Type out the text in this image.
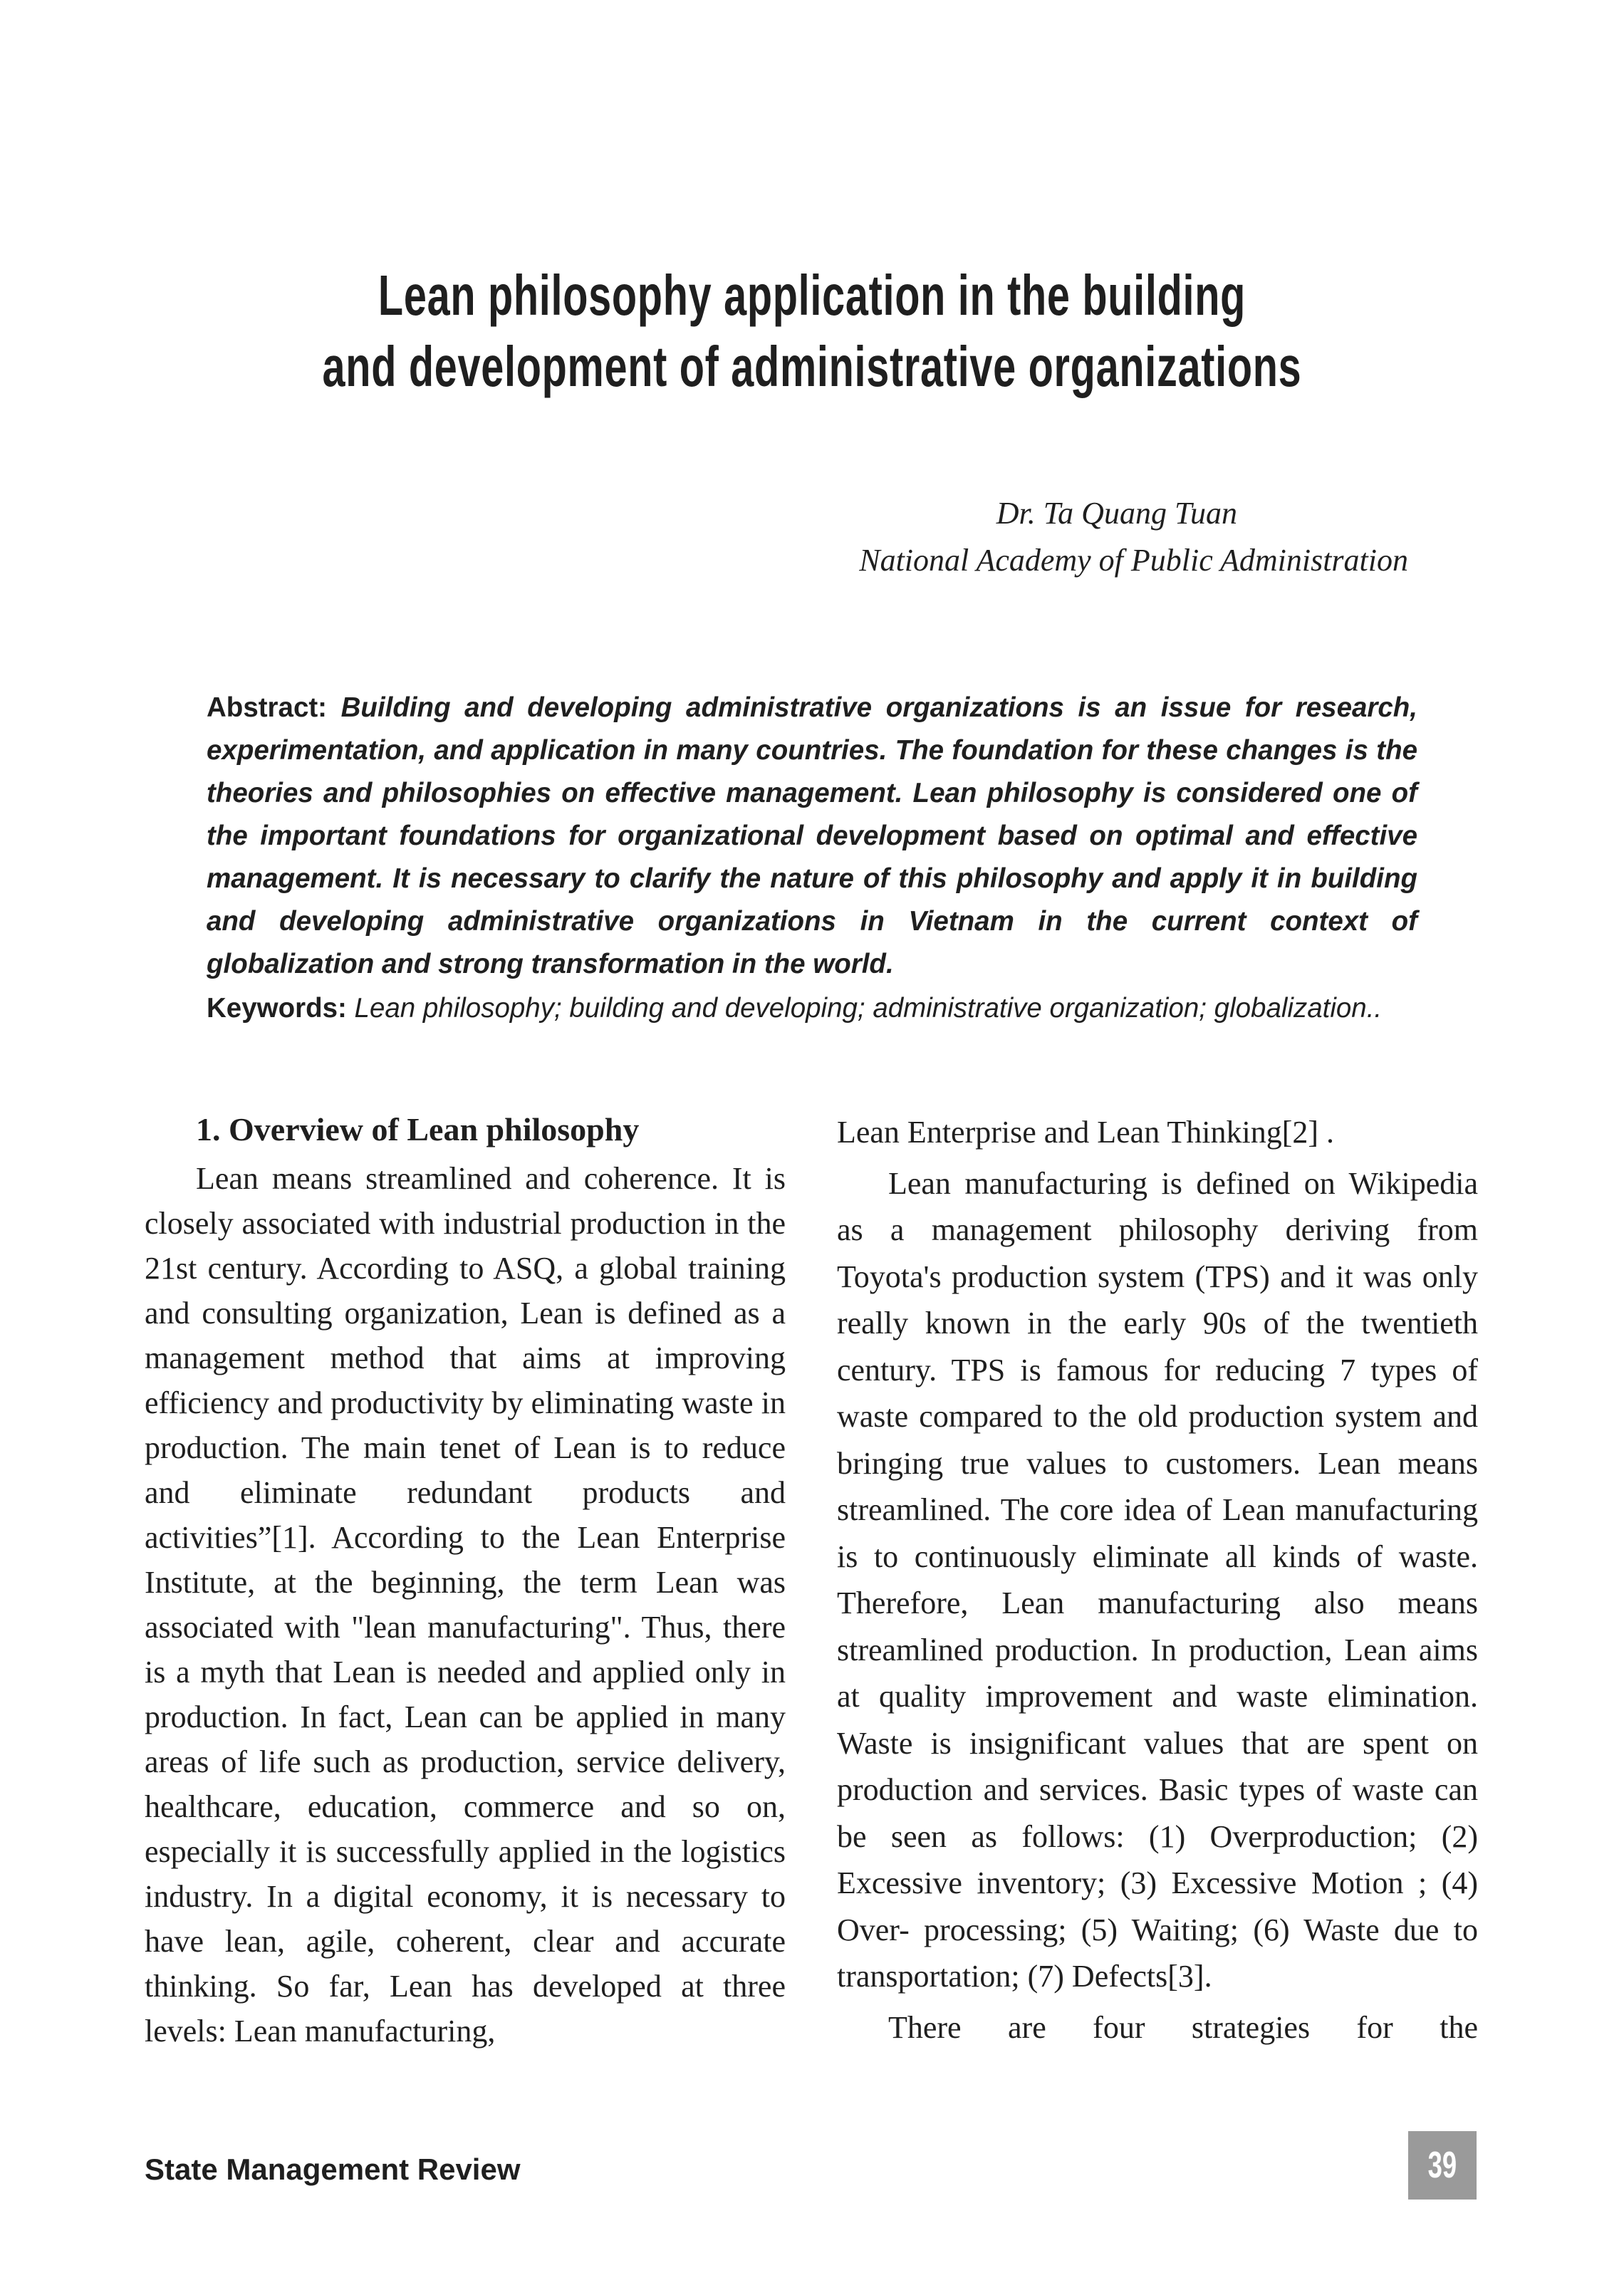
Lean philosophy application in the building
and development of administrative organizations
Dr. Ta Quang Tuan
National Academy of Public Administration

Abstract: Building and developing administrative organizations is an issue for research, experimentation, and application in many countries. The foundation for these changes is the theories and philosophies on effective management. Lean philosophy is considered one of the important foundations for organizational development based on optimal and effective management. It is necessary to clarify the nature of this philosophy and apply it in building and developing administrative organizations in Vietnam in the current context of globalization and strong transformation in the world.

Keywords: Lean philosophy; building and developing; administrative organization; globalization..

1. Overview of Lean philosophy

Lean means streamlined and coherence. It is closely associated with industrial production in the 21st century. According to ASQ, a global training and consulting organization, Lean is defined as a management method that aims at improving efficiency and productivity by eliminating waste in production. The main tenet of Lean is to reduce and eliminate redundant products and activities”[1]. According to the Lean Enterprise Institute, at the beginning, the term Lean was associated with "lean manufacturing". Thus, there is a myth that Lean is needed and applied only in production. In fact, Lean can be applied in many areas of life such as production, service delivery, healthcare, education, commerce and so on, especially it is successfully applied in the logistics industry. In a digital economy, it is necessary to have lean, agile, coherent, clear and accurate thinking. So far, Lean has developed at three levels: Lean manufacturing,

Lean Enterprise and Lean Thinking[2] .

Lean manufacturing is defined on Wikipedia as a management philosophy deriving from Toyota's production system (TPS) and it was only really known in the early 90s of the twentieth century. TPS is famous for reducing 7 types of waste compared to the old production system and bringing true values to customers. Lean means streamlined. The core idea of Lean manufacturing is to continuously eliminate all kinds of waste. Therefore, Lean manufacturing also means streamlined production. In production, Lean aims at quality improvement and waste elimination. Waste is insignificant values that are spent on production and services. Basic types of waste can be seen as follows: (1) Overproduction; (2) Excessive inventory; (3) Excessive Motion ; (4) Over- processing; (5) Waiting; (6) Waste due to transportation; (7) Defects[3].

There are four strategies for the

State Management Review	39
